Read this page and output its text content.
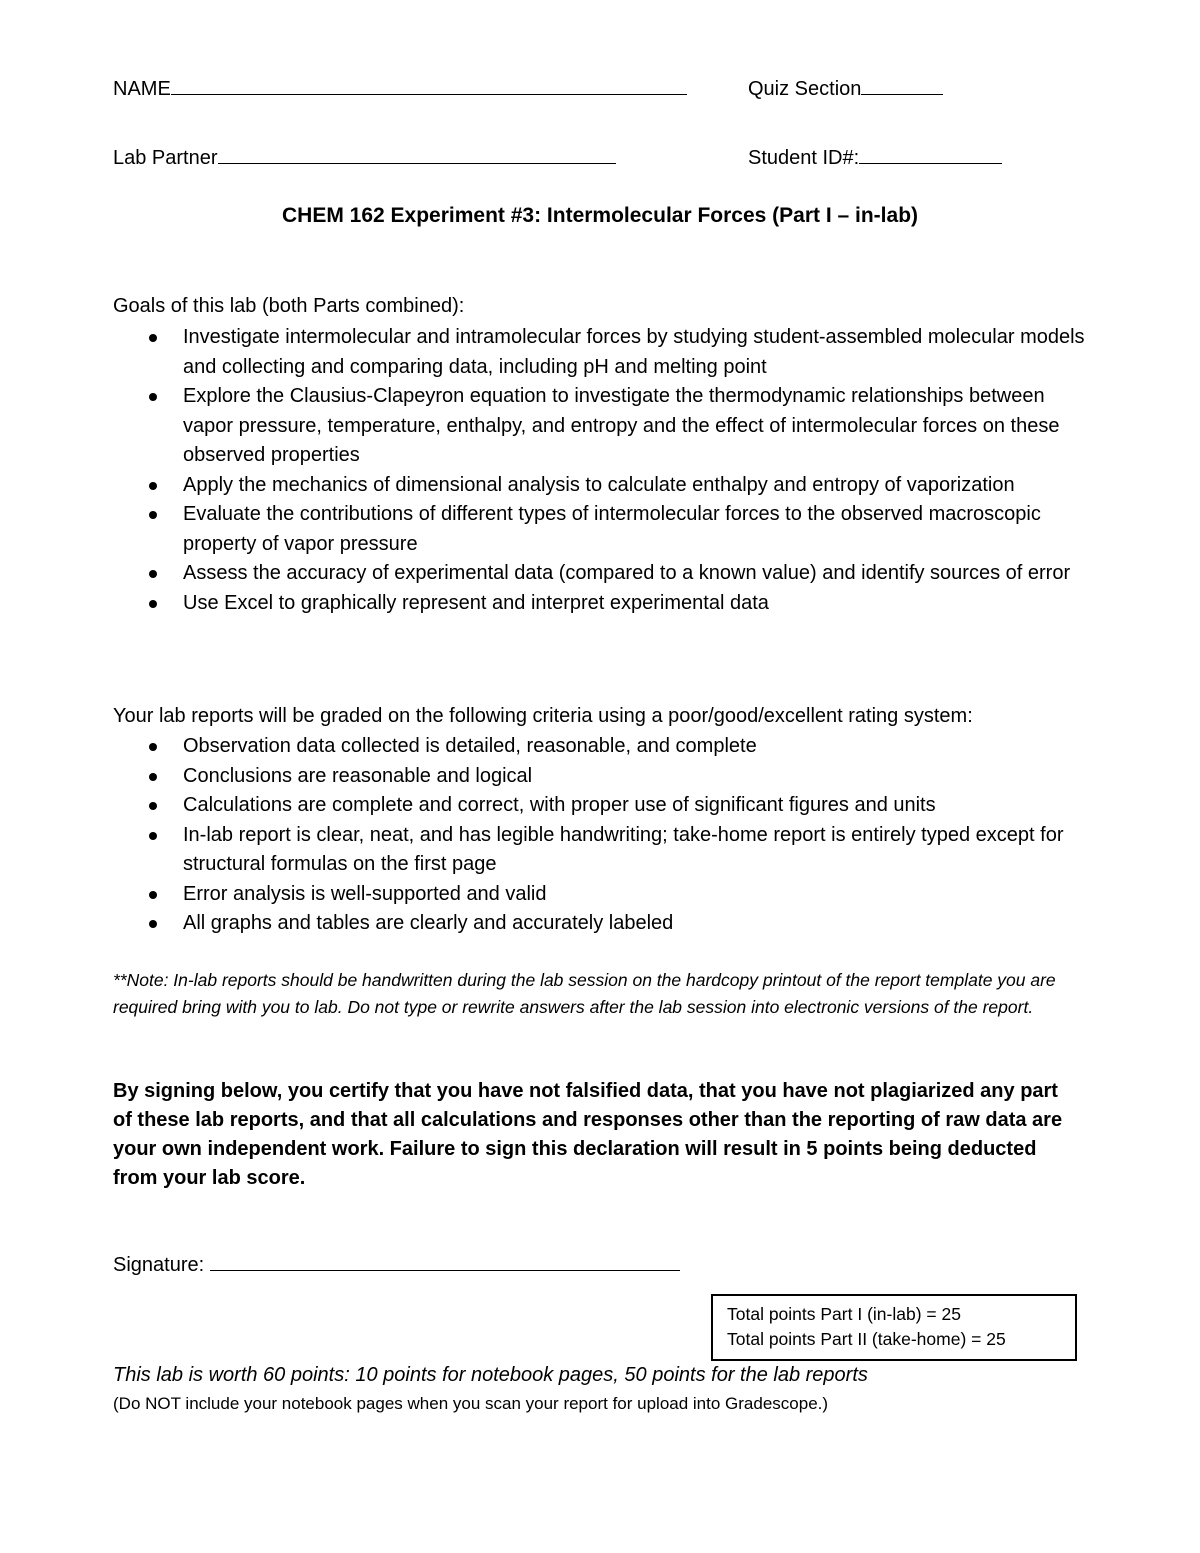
NAME	Quiz Section
Lab Partner	Student ID#:
CHEM 162 Experiment #3: Intermolecular Forces (Part I – in-lab)
Goals of this lab (both Parts combined):
Investigate intermolecular and intramolecular forces by studying student-assembled molecular models and collecting and comparing data, including pH and melting point
Explore the Clausius-Clapeyron equation to investigate the thermodynamic relationships between vapor pressure, temperature, enthalpy, and entropy and the effect of intermolecular forces on these observed properties
Apply the mechanics of dimensional analysis to calculate enthalpy and entropy of vaporization
Evaluate the contributions of different types of intermolecular forces to the observed macroscopic property of vapor pressure
Assess the accuracy of experimental data (compared to a known value) and identify sources of error
Use Excel to graphically represent and interpret experimental data
Your lab reports will be graded on the following criteria using a poor/good/excellent rating system:
Observation data collected is detailed, reasonable, and complete
Conclusions are reasonable and logical
Calculations are complete and correct, with proper use of significant figures and units
In-lab report is clear, neat, and has legible handwriting; take-home report is entirely typed except for structural formulas on the first page
Error analysis is well-supported and valid
All graphs and tables are clearly and accurately labeled
**Note: In-lab reports should be handwritten during the lab session on the hardcopy printout of the report template you are required bring with you to lab. Do not type or rewrite answers after the lab session into electronic versions of the report.
By signing below, you certify that you have not falsified data, that you have not plagiarized any part of these lab reports, and that all calculations and responses other than the reporting of raw data are your own independent work. Failure to sign this declaration will result in 5 points being deducted from your lab score.
Signature:
Total points Part I (in-lab) = 25
Total points Part II (take-home) = 25
This lab is worth 60 points: 10 points for notebook pages, 50 points for the lab reports
(Do NOT include your notebook pages when you scan your report for upload into Gradescope.)
